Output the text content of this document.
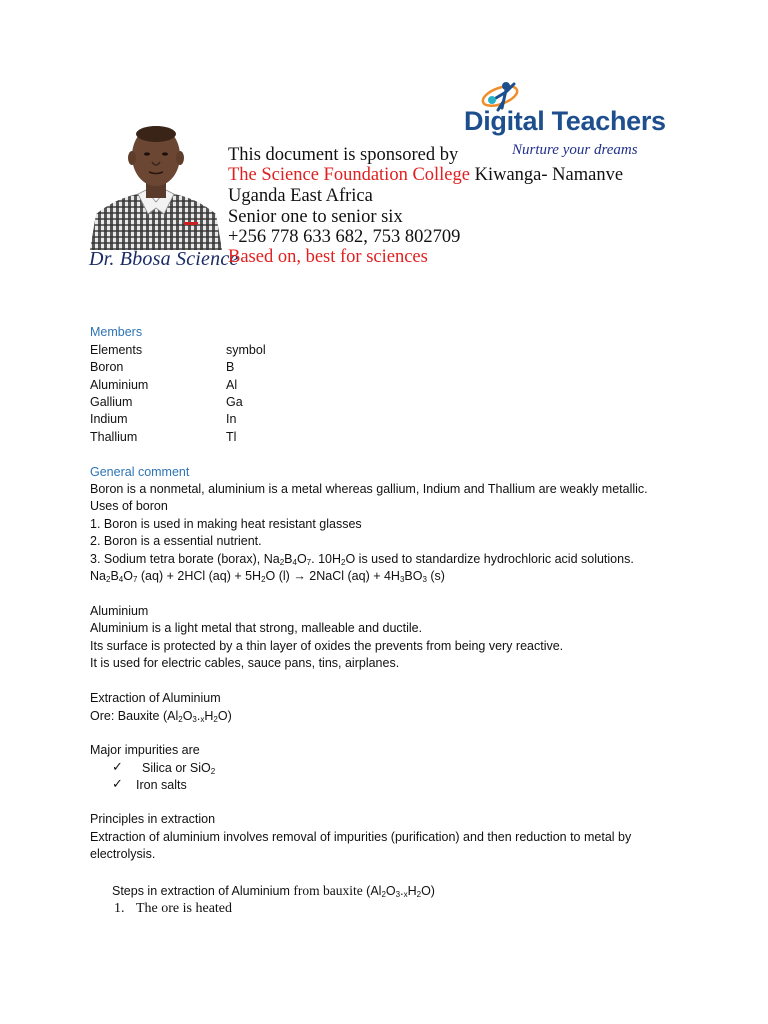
Dr. Bbosa Science
Digital Teachers
Nurture your dreams
This document is sponsored by
The Science Foundation College Kiwanga- Namanve
Uganda East Africa
Senior one to senior six
+256 778 633 682, 753 802709
Based on, best for sciences
Members
Elements	symbol
Boron	B
Aluminium	Al
Gallium	Ga
Indium	In
Thallium	Tl
General comment
Boron is a nonmetal, aluminium is a metal whereas gallium, Indium and Thallium are weakly metallic.
Uses of boron
1. Boron is used in making heat resistant glasses
2. Boron is a essential nutrient.
3. Sodium tetra borate (borax), $Na_2B_4O_7$. $10H_2O$ is used to standardize hydrochloric acid solutions.
$Na_2B_4O_7$ (aq) + 2HCl $(aq) + 5H_2O$ (l) → 2NaCl $(aq) + 4H_3BO_3$ (s)
Aluminium
Aluminium is a light metal that strong, malleable and ductile.
Its surface is protected by a thin layer of oxides the prevents from being very reactive.
It is used for electric cables, sauce pans, tins, airplanes.
Extraction of Aluminium
Ore: Bauxite $(Al_2O_3._xH_2O)$
Major impurities are
✓ Silica or SiO$_2$
✓ Iron salts
Principles in extraction
Extraction of aluminium involves removal of impurities (purification) and then reduction to metal by
electrolysis.
Steps in extraction of Aluminium from bauxite $(Al_2O_3._xH_2O)$
1. The ore is heated
